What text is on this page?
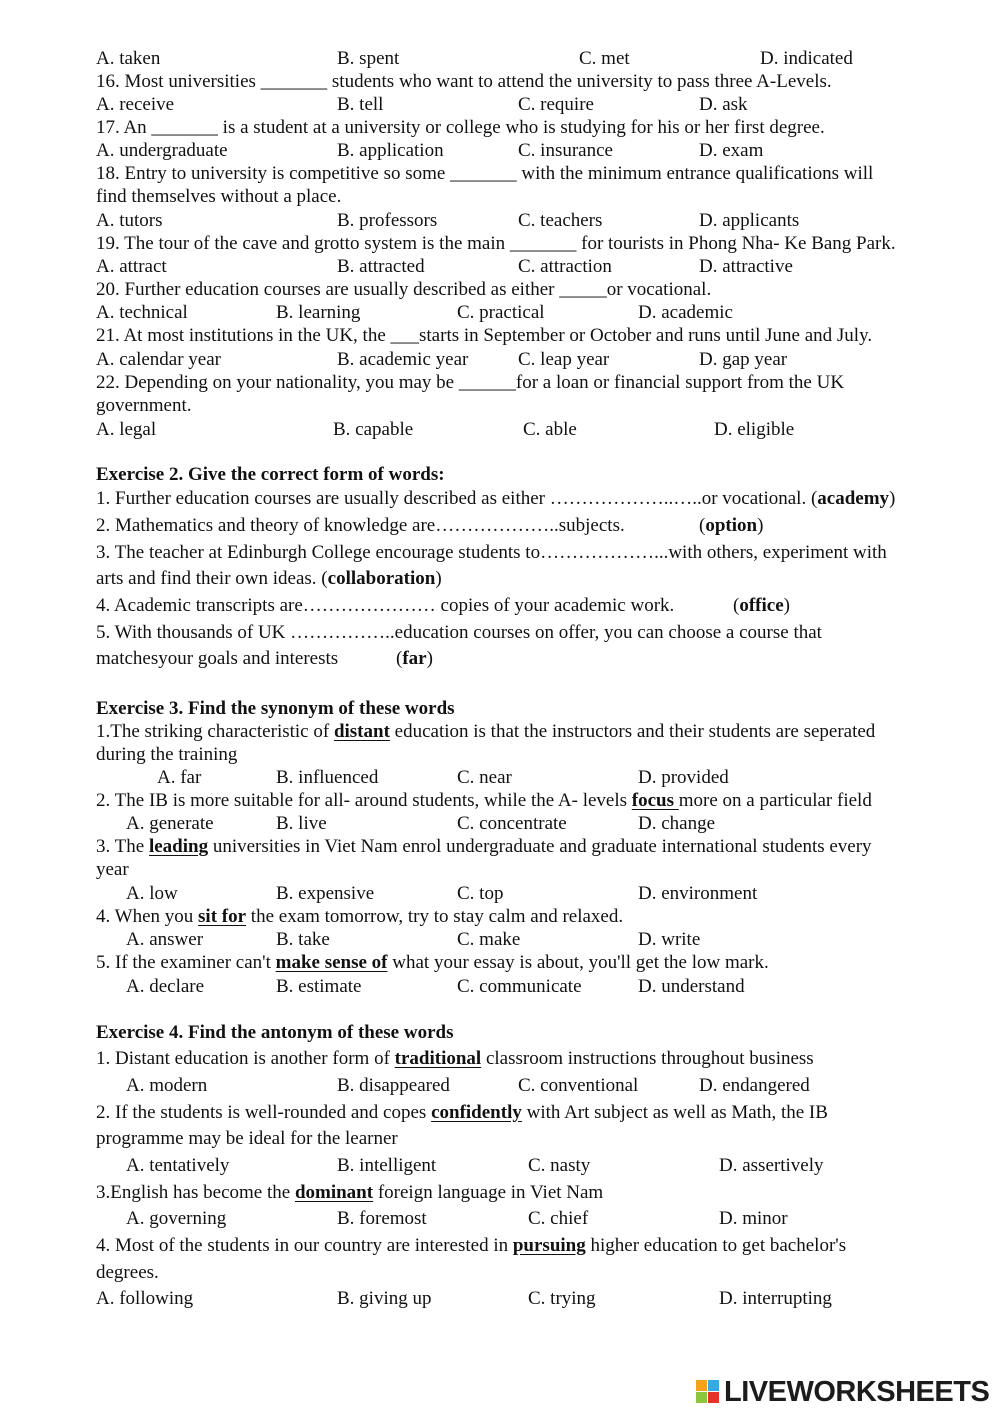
A. taken	B. spent	C. met	D. indicated
16. Most universities _______ students who want to attend the university to pass three A-Levels.
A. receive	B. tell	C. require	D. ask
17. An _______ is a student at a university or college who is studying for his or her first degree.
A. undergraduate	B. application	C. insurance	D. exam
18. Entry to university is competitive so some _______ with the minimum entrance qualifications will
find themselves without a place.
A. tutors	B. professors	C. teachers	D. applicants
19. The tour of the cave and grotto system is the main _______ for tourists in Phong Nha- Ke Bang Park.
A. attract	B. attracted	C. attraction	D. attractive
20. Further education courses are usually described as either _____or vocational.
A. technical	B. learning	C. practical	D. academic
21. At most institutions in the UK, the ___starts in September or October and runs until June and July.
A. calendar year	B. academic year	C. leap year	D. gap year
22. Depending on your nationality, you may be ______for a loan or financial support from the UK
government.
A. legal	B. capable	C. able	D. eligible
Exercise 2. Give the correct form of words:
1. Further education courses are usually described as either ………………..…..or vocational. (academy)
2. Mathematics and theory of knowledge are………………..subjects.	(option)
3. The teacher at Edinburgh College encourage students to………………...with others, experiment with
arts and find their own ideas. (collaboration)
4. Academic transcripts are………………… copies of your academic work.	(office)
5. With thousands of UK ……………..education courses on offer, you can choose a course that
matchesyour goals and interests	(far)
Exercise 3. Find the synonym of these words
1.The striking characteristic of distant education is that the instructors and their students are seperated
during the training
A. far	B. influenced	C. near	D. provided
2. The IB is more suitable for all- around students, while the A- levels focus more on a particular field
A. generate	B. live	C. concentrate	D. change
3. The leading universities in Viet Nam enrol undergraduate and graduate international students every
year
A. low	B. expensive	C. top	D. environment
4. When you sit for the exam tomorrow, try to stay calm and relaxed.
A. answer	B. take	C. make	D. write
5. If the examiner can't make sense of what your essay is about, you'll get the low mark.
A. declare	B. estimate	C. communicate	D. understand
Exercise 4. Find the antonym of these words
1. Distant education is another form of traditional classroom instructions throughout business
A. modern	B. disappeared	C. conventional	D. endangered
2. If the students is well-rounded and copes confidently with Art subject as well as Math, the IB
programme may be ideal for the learner
A. tentatively	B. intelligent	C. nasty	D. assertively
3.English has become the dominant foreign language in Viet Nam
A. governing	B. foremost	C. chief	D. minor
4. Most of the students in our country are interested in pursuing higher education to get bachelor's
degrees.
A. following	B. giving up	C. trying	D. interrupting
LIVEWORKSHEETS
